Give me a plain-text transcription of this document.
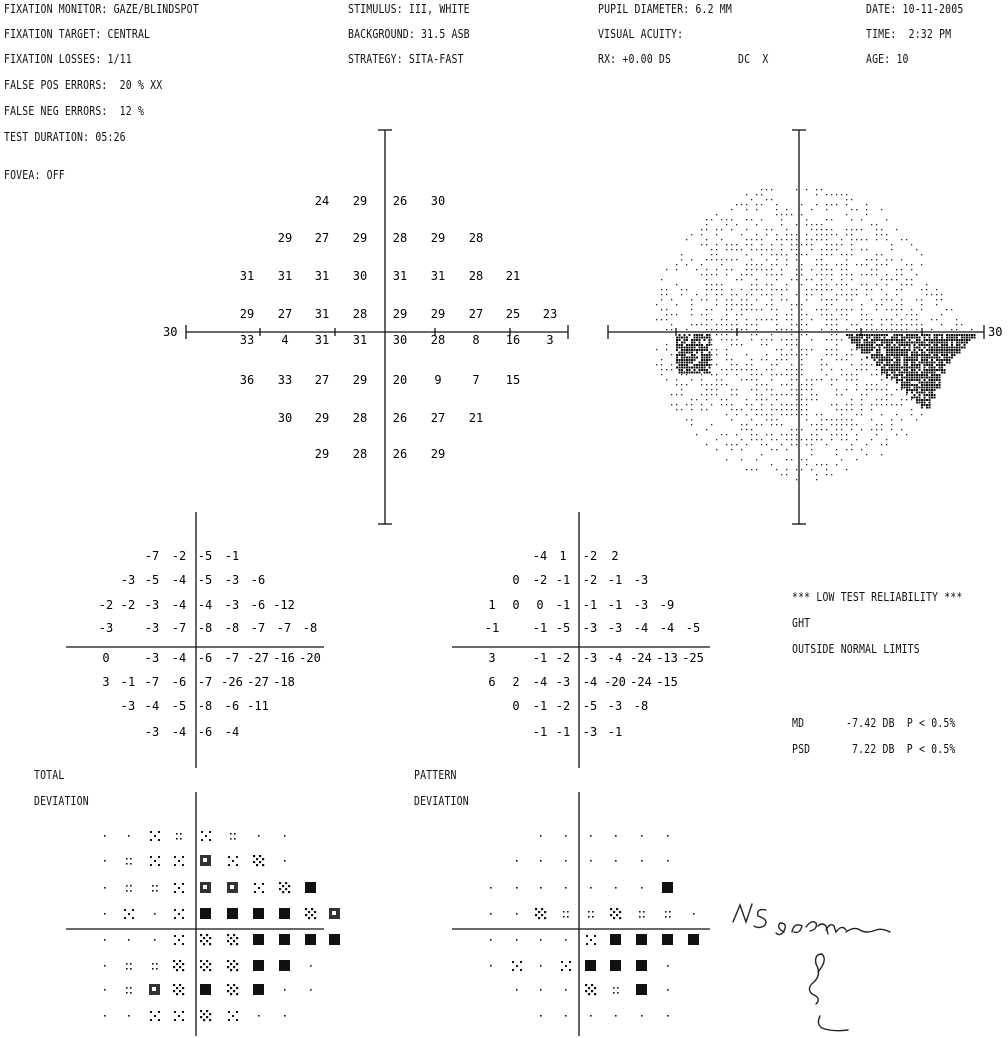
FIXATION MONITOR: GAZE/BLINDSPOT
FIXATION TARGET: CENTRAL
FIXATION LOSSES: 1/11
FALSE POS ERRORS:  20 % XX
FALSE NEG ERRORS:  12 %
TEST DURATION: 05:26
FOVEA: OFF
STIMULUS: III, WHITE
BACKGROUND: 31.5 ASB
STRATEGY: SITA-FAST
PUPIL DIAMETER: 6.2 MM
VISUAL ACUITY:
RX: +0.00 DS	DC  X
DATE: 10-11-2005
TIME:  2:32 PM
AGE: 10
*** LOW TEST RELIABILITY ***
GHT
OUTSIDE NORMAL LIMITS
MD	-7.42 DB  P < 0.5%
PSD	7.22 DB  P < 0.5%
TOTAL
DEVIATION
PATTERN
DEVIATION
30
24 29 26 30
29 27 29 28 29 28
31 31 31 30 31 31 28 21
29 27 31 28 29 29 27 25 23
33 4 31 31 30 28 8 16 3
36 33 27 29 20 9	7 15
30 29 28 26 27 21
29 28 26 29
30
-7 -2 -5 -1
-3 -5 -4 -5 -3 -6
-2 -2 -3 -4 -4 -3 -6 -12
-3	-3 -7 -8 -8 -7 -7 -8
0	-3 -4 -6 -7 -27 -16 -20
3 -1 -7 -6 -7 -26 -27 -18
-3 -4 -5 -8 -6 -11
-3 -4 -6 -4
-4 1 -2 2
0 -2 -1 -2 -1 -3
1 0 0 -1 -1 -1 -3 -9
-1	-1 -5 -3 -3 -4 -4 -5
3	-1 -2 -3 -4 -24 -13 -25
6 2 -4 -3 -4 -20 -24 -15
0 -1 -2 -5 -3 -8
-1 -1 -3 -1
